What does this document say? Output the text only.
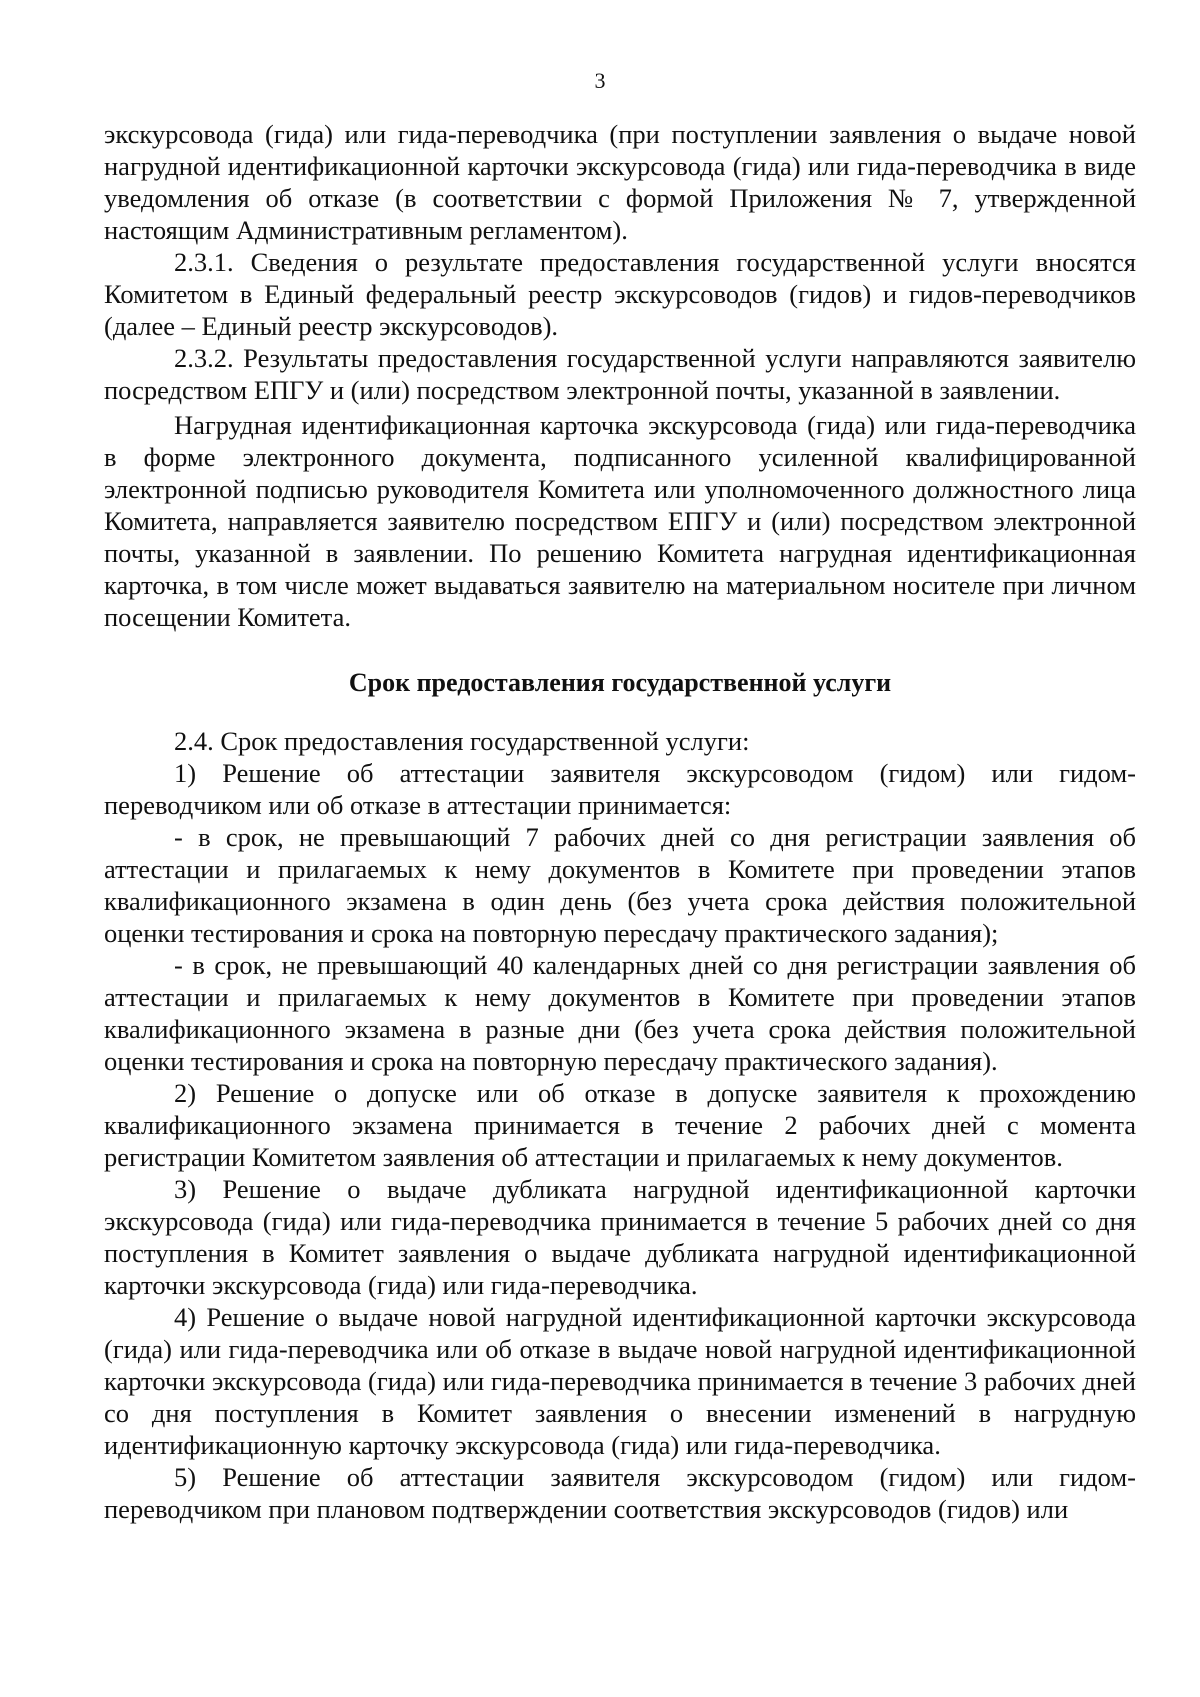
3

экскурсовода (гида) или гида-переводчика (при поступлении заявления о выдаче новой нагрудной идентификационной карточки экскурсовода (гида) или гида-переводчика в виде уведомления об отказе (в соответствии с формой Приложения № 7, утвержденной настоящим Административным регламентом).

2.3.1. Сведения о результате предоставления государственной услуги вносятся Комитетом в Единый федеральный реестр экскурсоводов (гидов) и гидов-переводчиков (далее – Единый реестр экскурсоводов).

2.3.2. Результаты предоставления государственной услуги направляются заявителю посредством ЕПГУ и (или) посредством электронной почты, указанной в заявлении.

Нагрудная идентификационная карточка экскурсовода (гида) или гида-переводчика в форме электронного документа, подписанного усиленной квалифицированной электронной подписью руководителя Комитета или уполномоченного должностного лица Комитета, направляется заявителю посредством ЕПГУ и (или) посредством электронной почты, указанной в заявлении. По решению Комитета нагрудная идентификационная карточка, в том числе может выдаваться заявителю на материальном носителе при личном посещении Комитета.

Срок предоставления государственной услуги

2.4. Срок предоставления государственной услуги:

1) Решение об аттестации заявителя экскурсоводом (гидом) или гидом-переводчиком или об отказе в аттестации принимается:

- в срок, не превышающий 7 рабочих дней со дня регистрации заявления об аттестации и прилагаемых к нему документов в Комитете при проведении этапов квалификационного экзамена в один день (без учета срока действия положительной оценки тестирования и срока на повторную пересдачу практического задания);

- в срок, не превышающий 40 календарных дней со дня регистрации заявления об аттестации и прилагаемых к нему документов в Комитете при проведении этапов квалификационного экзамена в разные дни (без учета срока действия положительной оценки тестирования и срока на повторную пересдачу практического задания).

2) Решение о допуске или об отказе в допуске заявителя к прохождению квалификационного экзамена принимается в течение 2 рабочих дней с момента регистрации Комитетом заявления об аттестации и прилагаемых к нему документов.

3) Решение о выдаче дубликата нагрудной идентификационной карточки экскурсовода (гида) или гида-переводчика принимается в течение 5 рабочих дней со дня поступления в Комитет заявления о выдаче дубликата нагрудной идентификационной карточки экскурсовода (гида) или гида-переводчика.

4) Решение о выдаче новой нагрудной идентификационной карточки экскурсовода (гида) или гида-переводчика или об отказе в выдаче новой нагрудной идентификационной карточки экскурсовода (гида) или гида-переводчика принимается в течение 3 рабочих дней со дня поступления в Комитет заявления о внесении изменений в нагрудную идентификационную карточку экскурсовода (гида) или гида-переводчика.

5) Решение об аттестации заявителя экскурсоводом (гидом) или гидом-переводчиком при плановом подтверждении соответствия экскурсоводов (гидов) или
